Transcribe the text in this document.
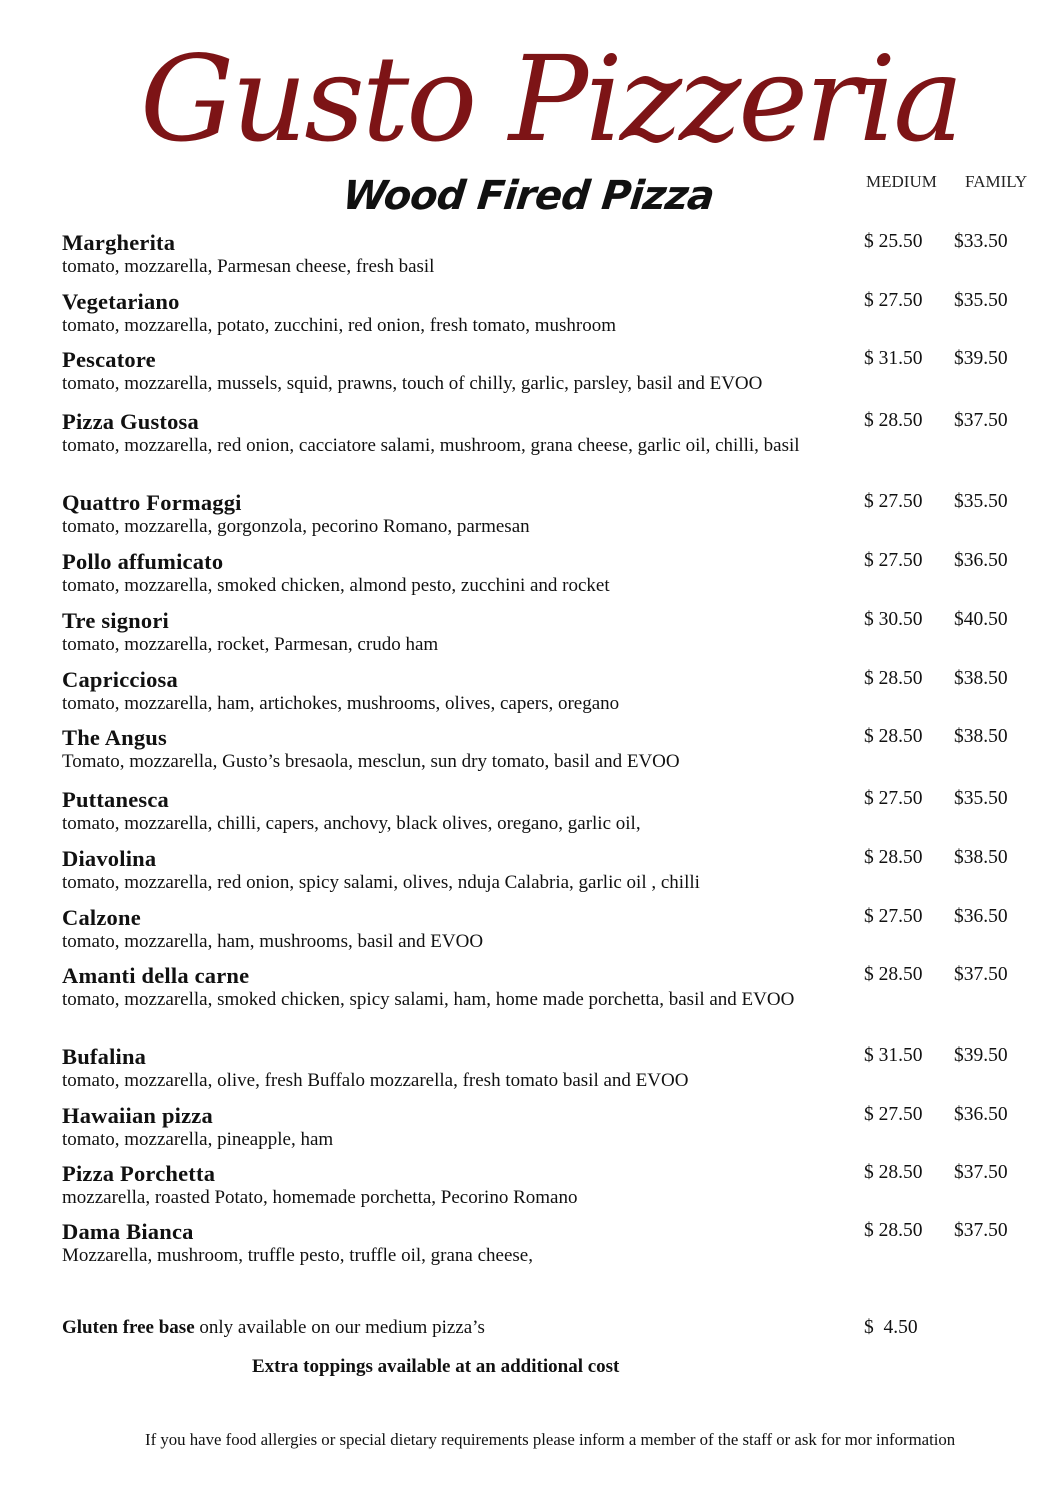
Gusto Pizzeria
Wood Fired Pizza	MEDIUM FAMILY
Margherita
tomato, mozzarella, Parmesan cheese, fresh basil
$ 25.50 $33.50
Vegetariano
tomato, mozzarella, potato, zucchini, red onion, fresh tomato, mushroom
$ 27.50 $35.50
Pescatore
tomato, mozzarella, mussels, squid, prawns, touch of chilly, garlic, parsley, basil and EVOO
$ 31.50 $39.50
Pizza Gustosa
tomato, mozzarella, red onion, cacciatore salami, mushroom, grana cheese, garlic oil, chilli, basil
$ 28.50 $37.50
Quattro Formaggi
tomato, mozzarella, gorgonzola, pecorino Romano, parmesan
$ 27.50 $35.50
Pollo affumicato
tomato, mozzarella, smoked chicken, almond pesto, zucchini and rocket
$ 27.50 $36.50
Tre signori
tomato, mozzarella, rocket, Parmesan, crudo ham
$ 30.50 $40.50
Capricciosa
tomato, mozzarella, ham, artichokes, mushrooms, olives, capers, oregano
$ 28.50 $38.50
The Angus
Tomato, mozzarella, Gusto’s bresaola, mesclun, sun dry tomato, basil and EVOO
$ 28.50 $38.50
Puttanesca
tomato, mozzarella, chilli, capers, anchovy, black olives, oregano, garlic oil,
$ 27.50 $35.50
Diavolina
tomato, mozzarella, red onion, spicy salami, olives, nduja Calabria, garlic oil , chilli
$ 28.50 $38.50
Calzone
tomato, mozzarella, ham, mushrooms, basil and EVOO
$ 27.50 $36.50
Amanti della carne
tomato, mozzarella, smoked chicken, spicy salami, ham, home made porchetta, basil and EVOO
$ 28.50 $37.50
Bufalina
tomato, mozzarella, olive, fresh Buffalo mozzarella, fresh tomato basil and EVOO
$ 31.50 $39.50
Hawaiian pizza
tomato, mozzarella, pineapple, ham
$ 27.50 $36.50
Pizza Porchetta
mozzarella, roasted Potato, homemade porchetta, Pecorino Romano
$ 28.50 $37.50
Dama Bianca
Mozzarella, mushroom, truffle pesto, truffle oil, grana cheese,
$ 28.50 $37.50
Gluten free base only available on our medium pizza’s	$  4.50
Extra toppings available at an additional cost
If you have food allergies or special dietary requirements please inform a member of the staff or ask for mor information
